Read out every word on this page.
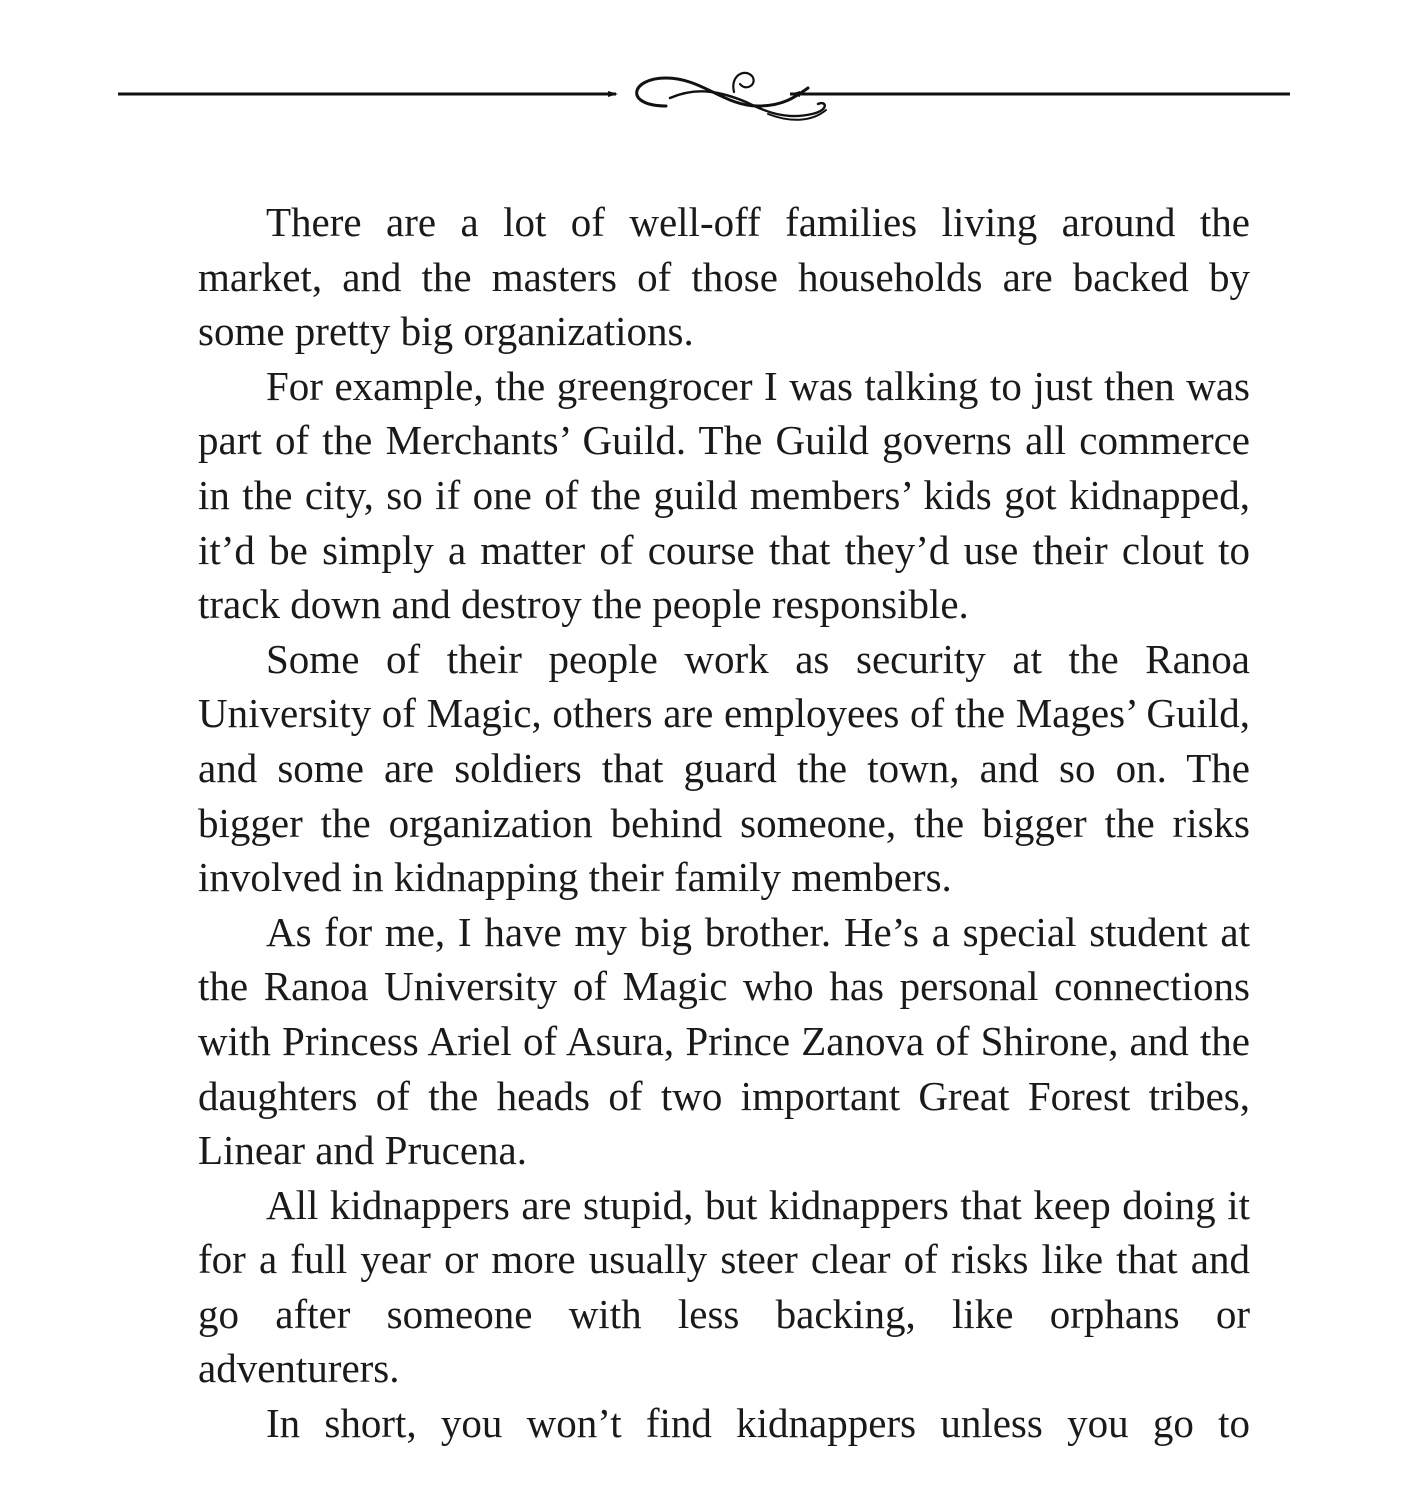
There are a lot of well-off families living around the market, and the masters of those households are backed by some pretty big organizations.

For example, the greengrocer I was talking to just then was part of the Merchants’ Guild. The Guild governs all commerce in the city, so if one of the guild members’ kids got kidnapped, it’d be simply a matter of course that they’d use their clout to track down and destroy the people responsible.

Some of their people work as security at the Ranoa University of Magic, others are employees of the Mages’ Guild, and some are soldiers that guard the town, and so on. The bigger the organization behind someone, the bigger the risks involved in kidnapping their family members.

As for me, I have my big brother. He’s a special student at the Ranoa University of Magic who has personal connections with Princess Ariel of Asura, Prince Zanova of Shirone, and the daughters of the heads of two important Great Forest tribes, Linear and Prucena.

All kidnappers are stupid, but kidnappers that keep doing it for a full year or more usually steer clear of risks like that and go after someone with less backing, like orphans or adventurers.

In short, you won’t find kidnappers unless you go to
